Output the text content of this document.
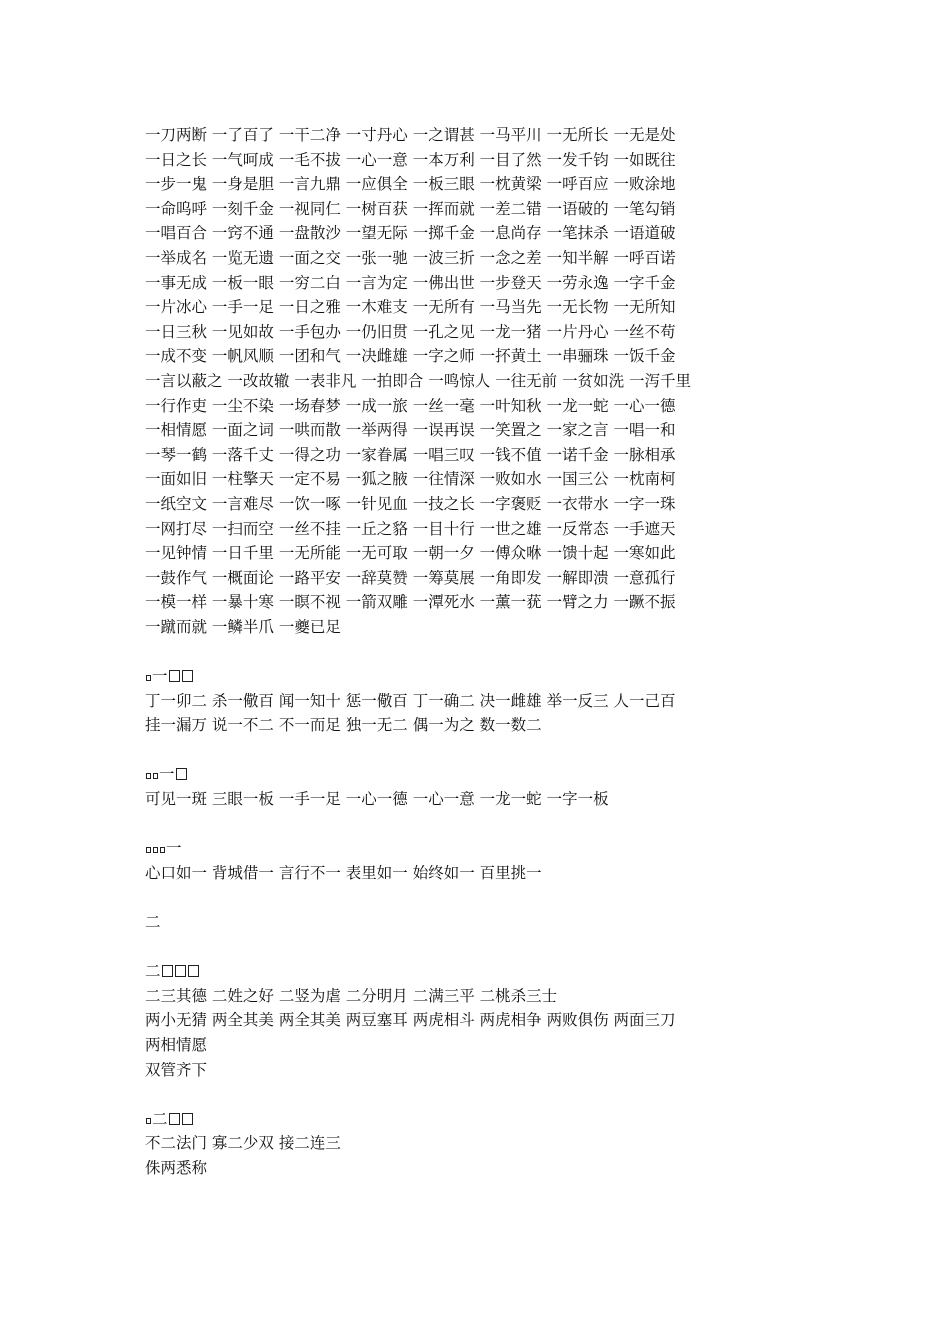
一刀两断 一了百了 一干二净 一寸丹心 一之谓甚 一马平川 一无所长 一无是处
一日之长 一气呵成 一毛不拔 一心一意 一本万利 一目了然 一发千钧 一如既往
一步一鬼 一身是胆 一言九鼎 一应俱全 一板三眼 一枕黄梁 一呼百应 一败涂地
一命呜呼 一刻千金 一视同仁 一树百获 一挥而就 一差二错 一语破的 一笔勾销
一唱百合 一窍不通 一盘散沙 一望无际 一掷千金 一息尚存 一笔抹杀 一语道破
一举成名 一览无遗 一面之交 一张一驰 一波三折 一念之差 一知半解 一呼百诺
一事无成 一板一眼 一穷二白 一言为定 一佛出世 一步登天 一劳永逸 一字千金
一片冰心 一手一足 一日之雅 一木难支 一无所有 一马当先 一无长物 一无所知
一日三秋 一见如故 一手包办 一仍旧贯 一孔之见 一龙一猪 一片丹心 一丝不苟
一成不变 一帆风顺 一团和气 一决雌雄 一字之师 一抔黄土 一串骊珠 一饭千金
一言以蔽之 一改故辙 一表非凡 一拍即合 一鸣惊人 一往无前 一贫如洗 一泻千里
一行作吏 一尘不染 一场春梦 一成一旅 一丝一毫 一叶知秋 一龙一蛇 一心一德
一相情愿 一面之词 一哄而散 一举两得 一误再误 一笑置之 一家之言 一唱一和
一琴一鹤 一落千丈 一得之功 一家眷属 一唱三叹 一钱不值 一诺千金 一脉相承
一面如旧 一柱擎天 一定不易 一狐之腋 一往情深 一败如水 一国三公 一枕南柯
一纸空文 一言难尽 一饮一啄 一针见血 一技之长 一字褒贬 一衣带水 一字一珠
一网打尽 一扫而空 一丝不挂 一丘之貉 一目十行 一世之雄 一反常态 一手遮天
一见钟情 一日千里 一无所能 一无可取 一朝一夕 一傅众咻 一馈十起 一寒如此
一鼓作气 一概面论 一路平安 一辞莫赞 一筹莫展 一角即发 一解即溃 一意孤行
一模一样 一暴十寒 一瞑不视 一箭双雕 一潭死水 一薰一莸 一臂之力 一蹶不振
一蹴而就 一鳞半爪 一夔已足
一
丁一卯二 杀一儆百 闻一知十 惩一儆百 丁一确二 决一雌雄 举一反三 人一己百
挂一漏万 说一不二 不一而足 独一无二 偶一为之 数一数二
一
可见一斑 三眼一板 一手一足 一心一德 一心一意 一龙一蛇 一字一板
一
心口如一 背城借一 言行不一 表里如一 始终如一 百里挑一
二
二
二三其德 二姓之好 二竖为虐 二分明月 二满三平 二桃杀三士
两小无猜 两全其美 两全其美 两豆塞耳 两虎相斗 两虎相争 两败俱伤 两面三刀
两相情愿
双管齐下
二
不二法门 寡二少双 接二连三
侏两悉称
